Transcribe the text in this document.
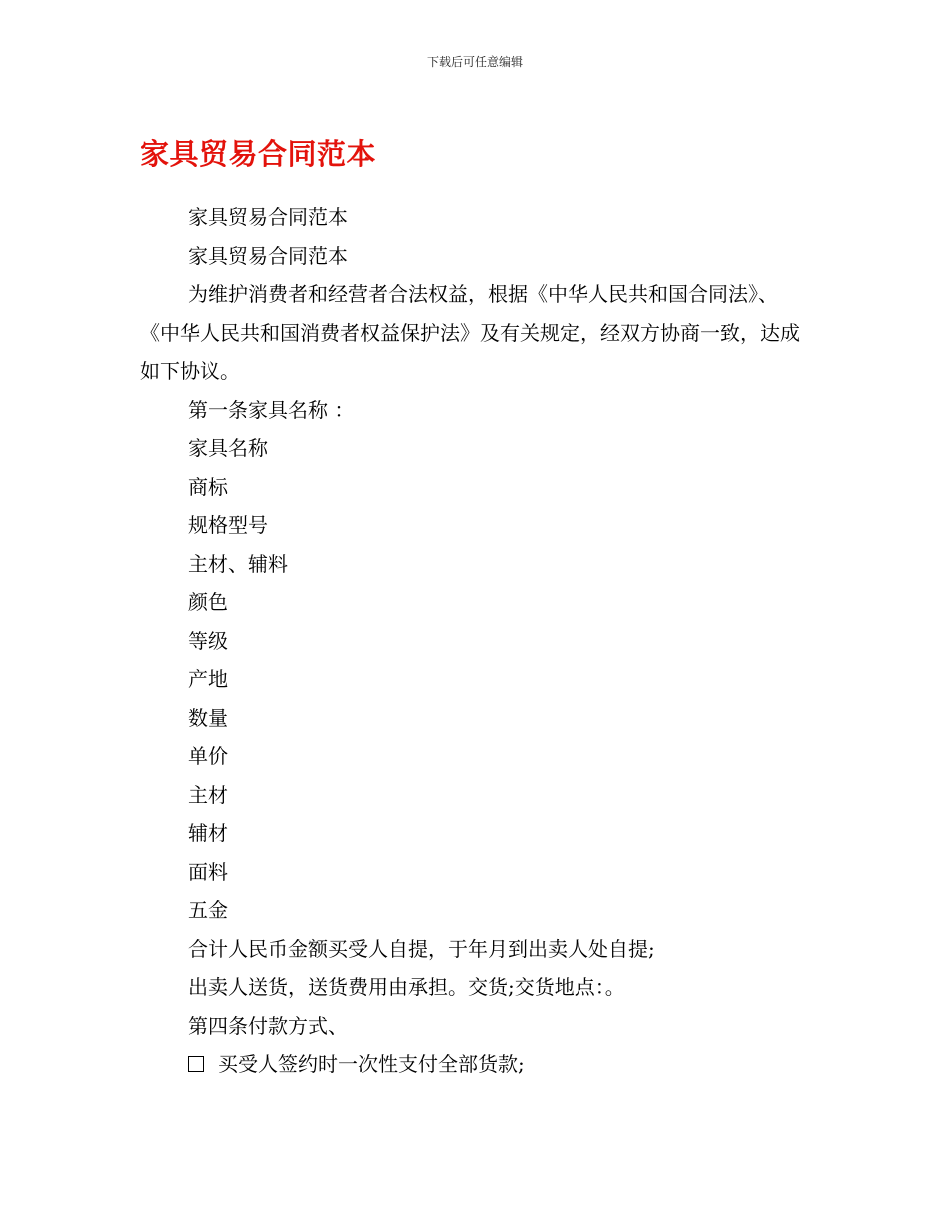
下载后可任意编辑
家具贸易合同范本

家具贸易合同范本

家具贸易合同范本

为维护消费者和经营者合法权益，根据《中华人民共和国合同法》、《中华人民共和国消费者权益保护法》及有关规定，经双方协商一致，达成如下协议。

第一条家具名称 ：

家具名称

商标

规格型号

主材、辅料

颜色

等级

产地

数量

单价

主材

辅材

面料

五金

合计人民币金额买受人自提，于年月到出卖人处自提;

出卖人送货，送货费用由承担。交货;交货地点：。

第四条付款方式、

买受人签约时一次性支付全部货款;
